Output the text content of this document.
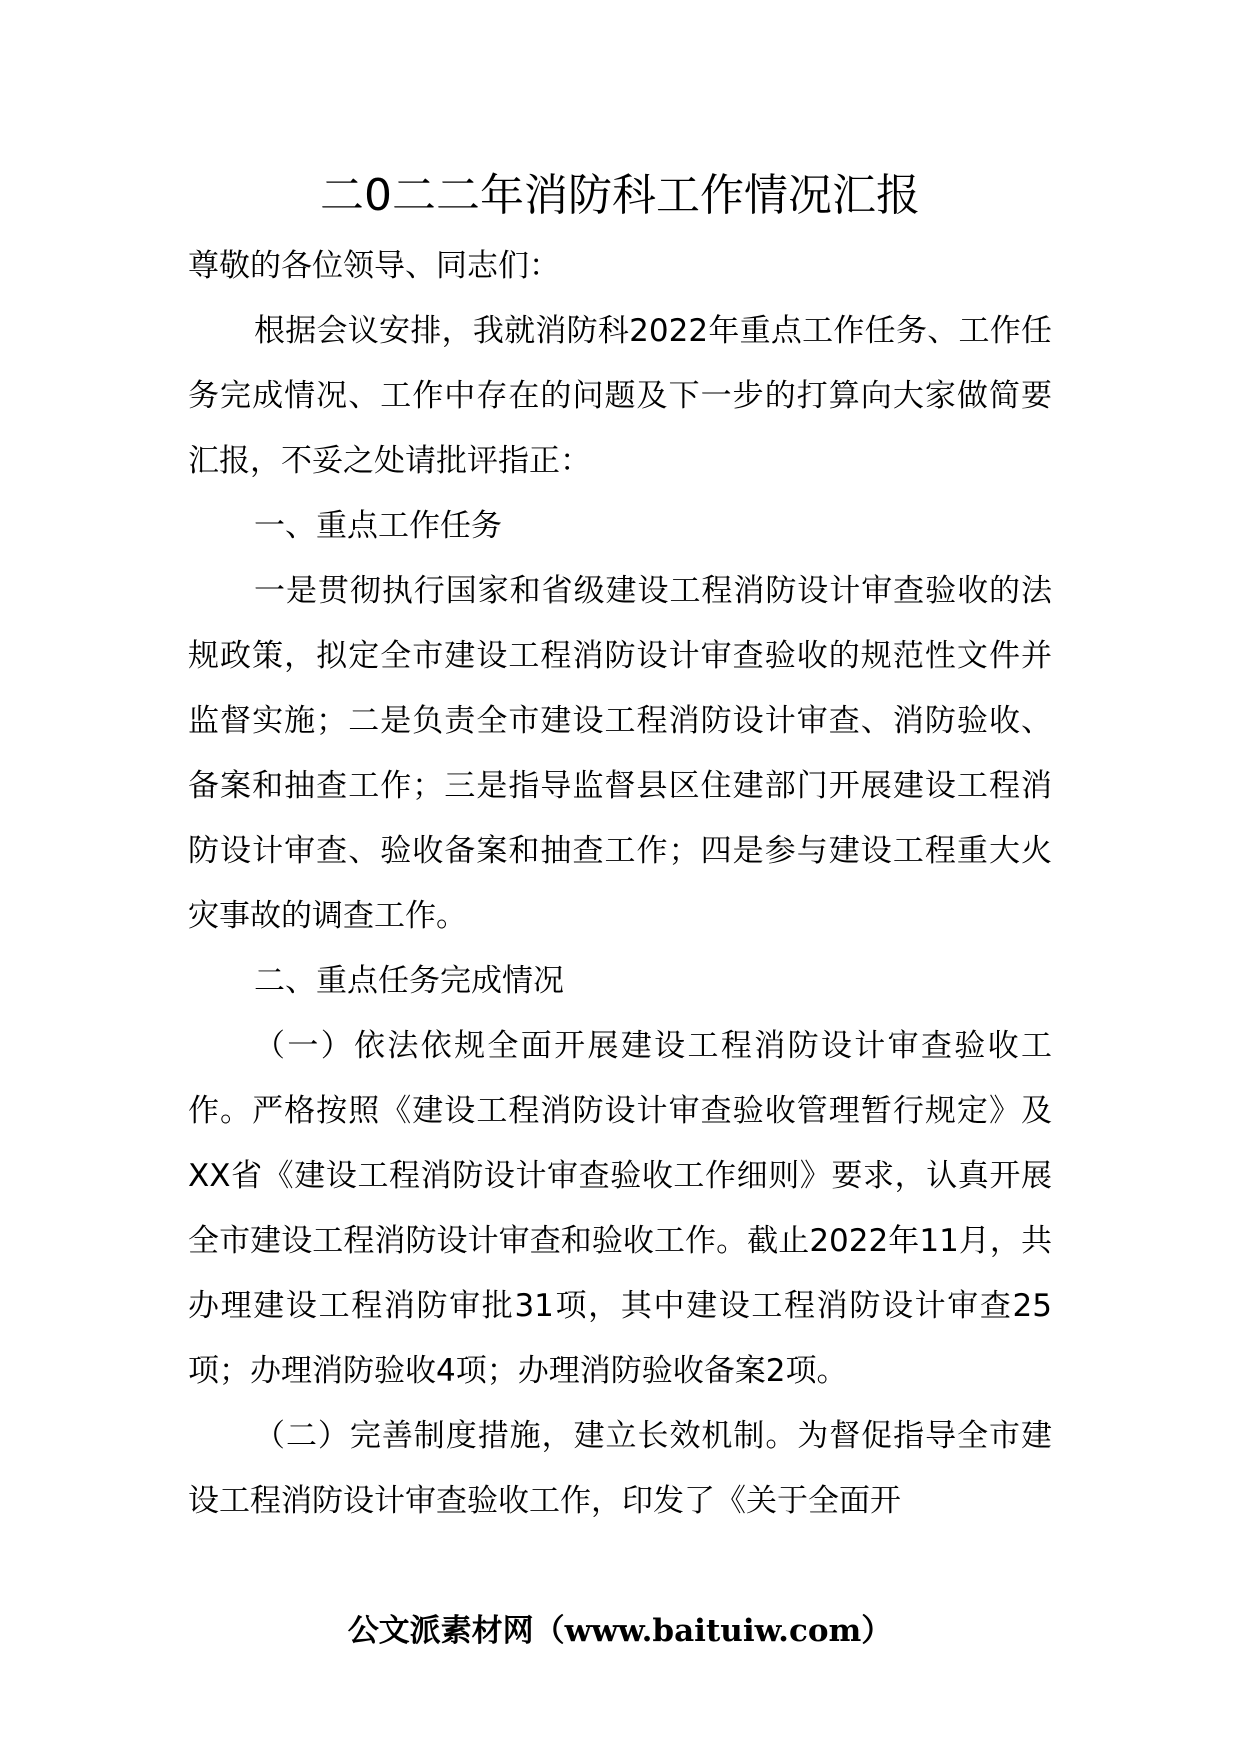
二0二二年消防科工作情况汇报

尊敬的各位领导、同志们：

根据会议安排，我就消防科2022年重点工作任务、工作任务完成情况、工作中存在的问题及下一步的打算向大家做简要汇报，不妥之处请批评指正：

一、重点工作任务

一是贯彻执行国家和省级建设工程消防设计审查验收的法规政策，拟定全市建设工程消防设计审查验收的规范性文件并监督实施；二是负责全市建设工程消防设计审查、消防验收、备案和抽查工作；三是指导监督县区住建部门开展建设工程消防设计审查、验收备案和抽查工作；四是参与建设工程重大火灾事故的调查工作。

二、重点任务完成情况

（一）依法依规全面开展建设工程消防设计审查验收工作。严格按照《建设工程消防设计审查验收管理暂行规定》及XX省《建设工程消防设计审查验收工作细则》要求，认真开展全市建设工程消防设计审查和验收工作。截止2022年11月，共办理建设工程消防审批31项，其中建设工程消防设计审查25项；办理消防验收4项；办理消防验收备案2项。

（二）完善制度措施，建立长效机制。为督促指导全市建设工程消防设计审查验收工作，印发了《关于全面开

公文派素材网（www.baituiw.com）
